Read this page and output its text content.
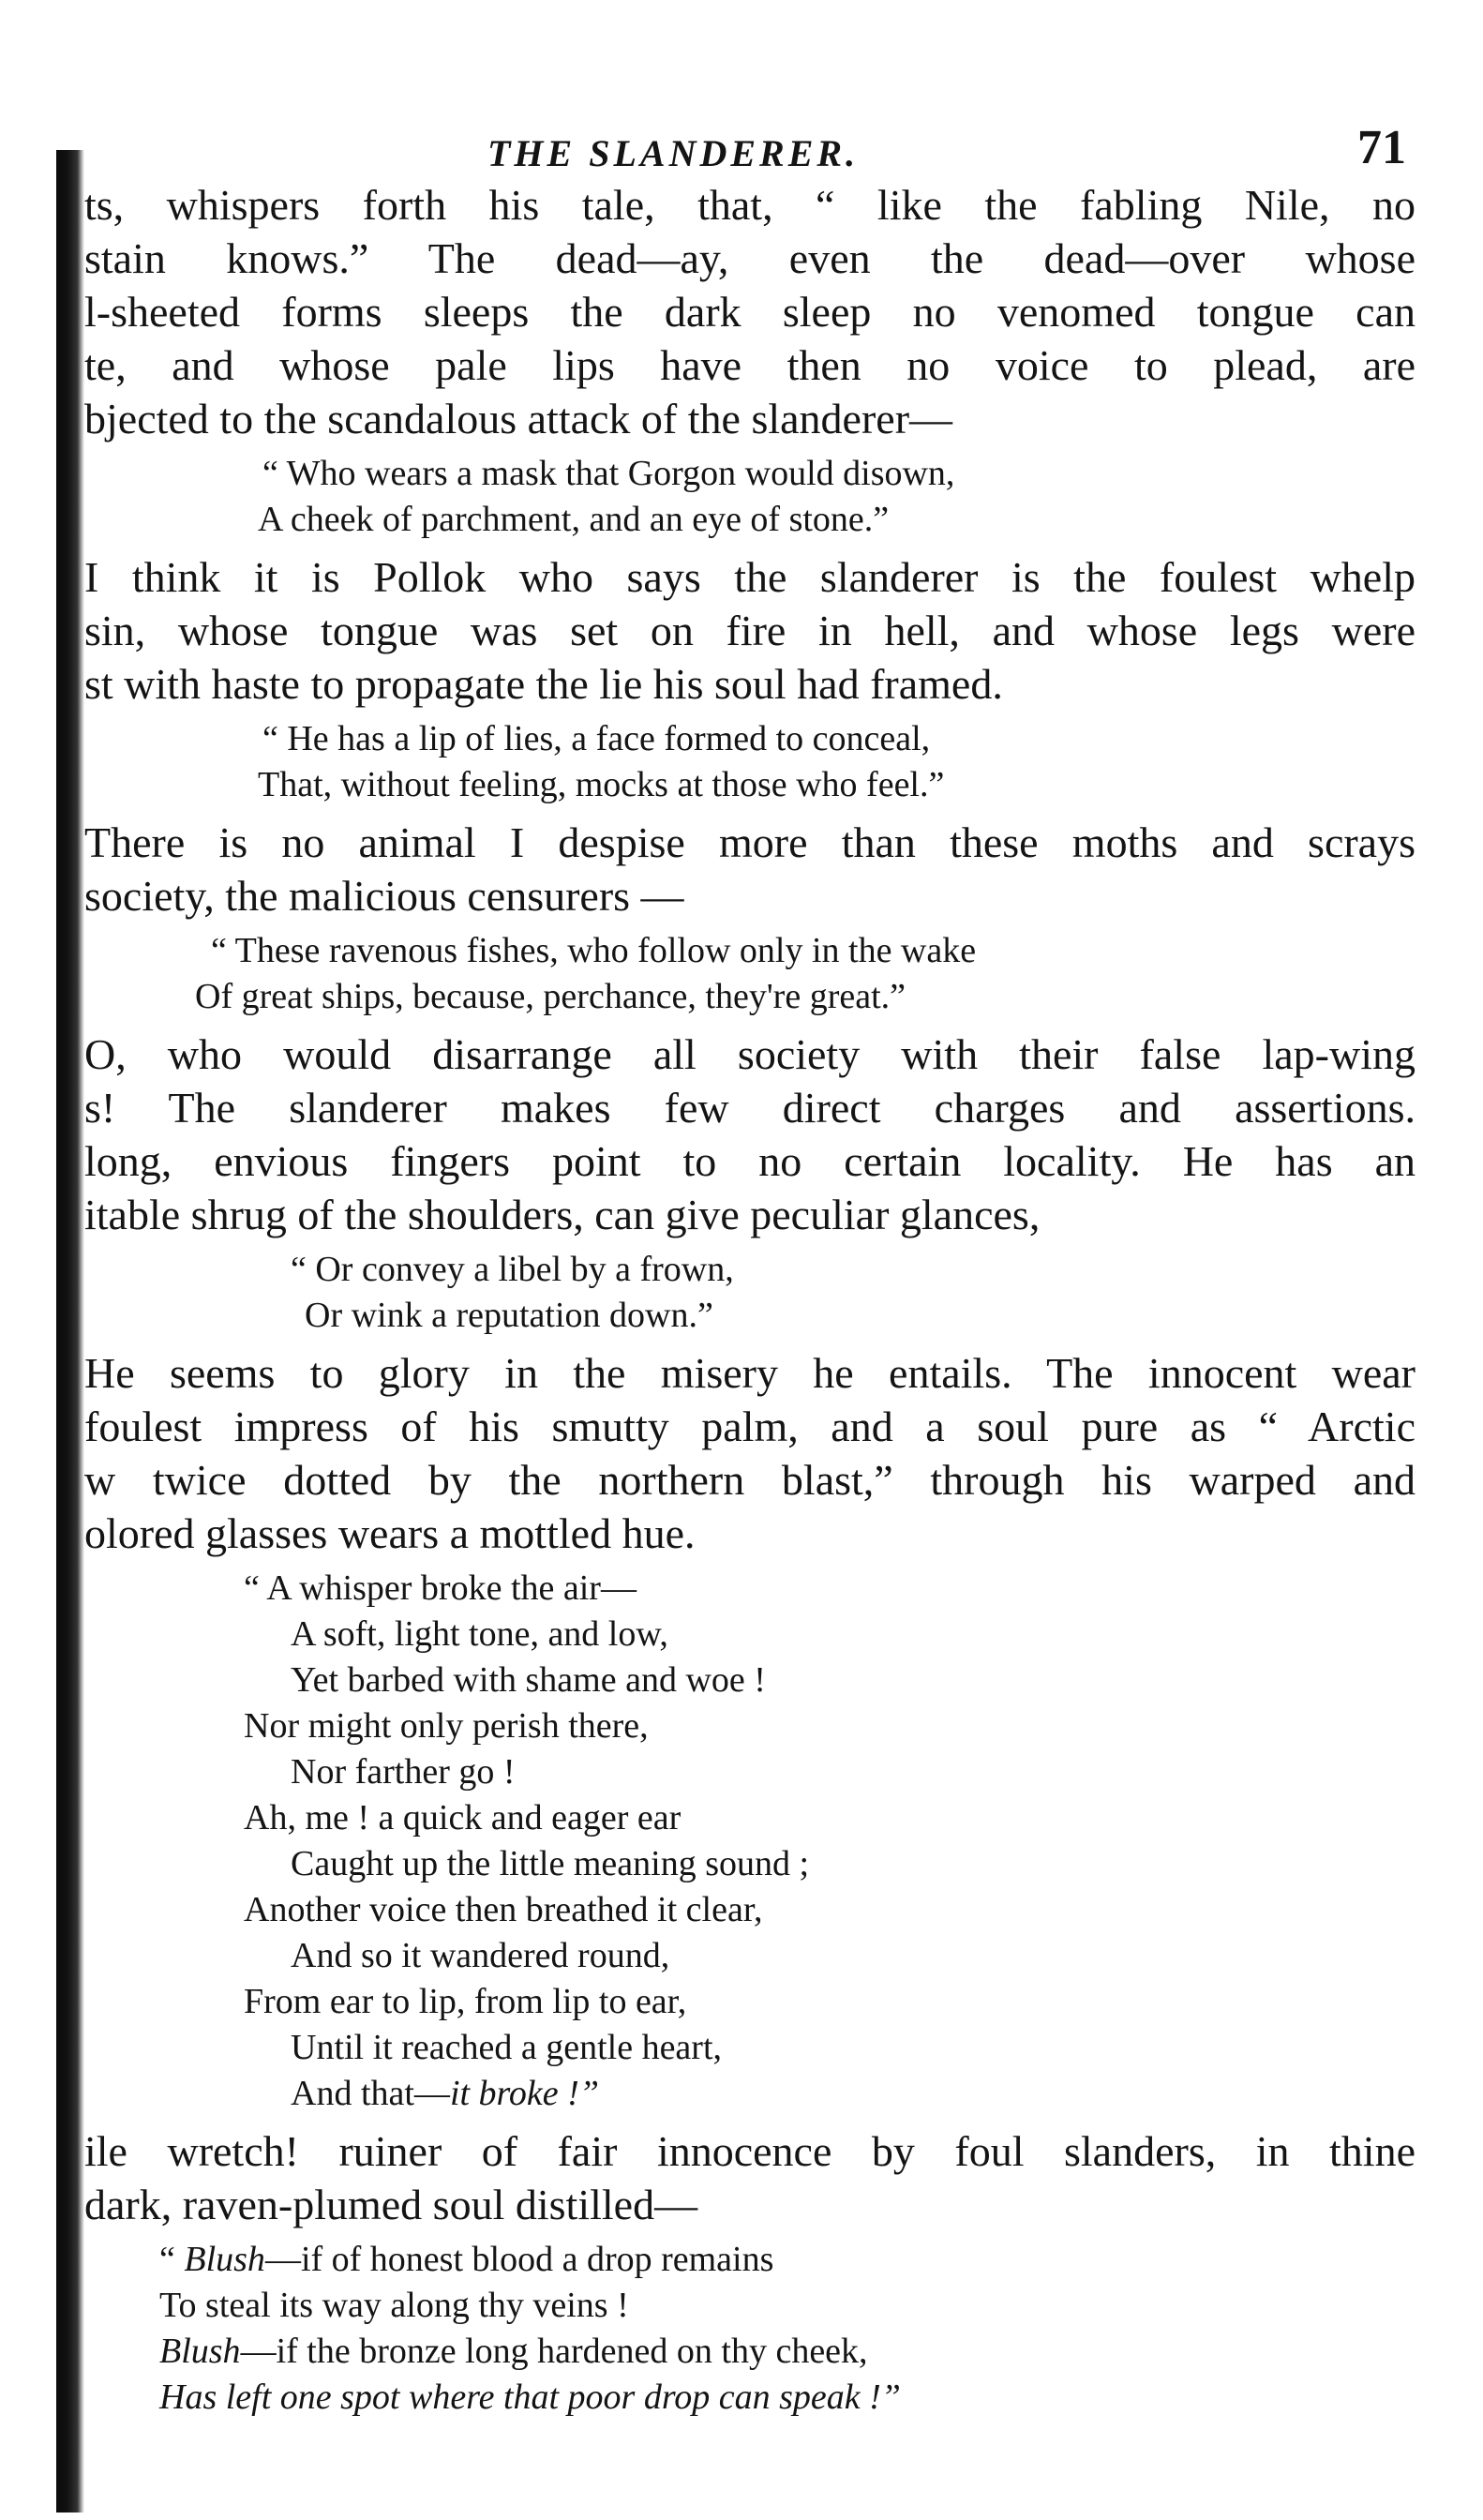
THE SLANDERER.	71
ts, whispers forth his tale, that, “ like the fabling Nile, no
stain knows.” The dead—ay, even the dead—over whose
l-sheeted forms sleeps the dark sleep no venomed tongue can
te, and whose pale lips have then no voice to plead, are
bjected to the scandalous attack of the slanderer—
“ Who wears a mask that Gorgon would disown,
A cheek of parchment, and an eye of stone.”
I think it is Pollok who says the slanderer is the foulest whelp
sin, whose tongue was set on fire in hell, and whose legs were
st with haste to propagate the lie his soul had framed.
“ He has a lip of lies, a face formed to conceal,
That, without feeling, mocks at those who feel.”
There is no animal I despise more than these moths and scrays
society, the malicious censurers —
“ These ravenous fishes, who follow only in the wake
Of great ships, because, perchance, they're great.”
O, who would disarrange all society with their false lap-wing
s! The slanderer makes few direct charges and assertions.
long, envious fingers point to no certain locality. He has an
itable shrug of the shoulders, can give peculiar glances,
“ Or convey a libel by a frown,
Or wink a reputation down.”
He seems to glory in the misery he entails. The innocent wear
foulest impress of his smutty palm, and a soul pure as “ Arctic
w twice dotted by the northern blast,” through his warped and
olored glasses wears a mottled hue.
“ A whisper broke the air—
A soft, light tone, and low,
Yet barbed with shame and woe !
Nor might only perish there,
Nor farther go !
Ah, me ! a quick and eager ear
Caught up the little meaning sound ;
Another voice then breathed it clear,
And so it wandered round,
From ear to lip, from lip to ear,
Until it reached a gentle heart,
And that—it broke !”
ile wretch! ruiner of fair innocence by foul slanders, in thine
dark, raven-plumed soul distilled—
“ Blush—if of honest blood a drop remains
To steal its way along thy veins !
Blush—if the bronze long hardened on thy cheek,
Has left one spot where that poor drop can speak !”
